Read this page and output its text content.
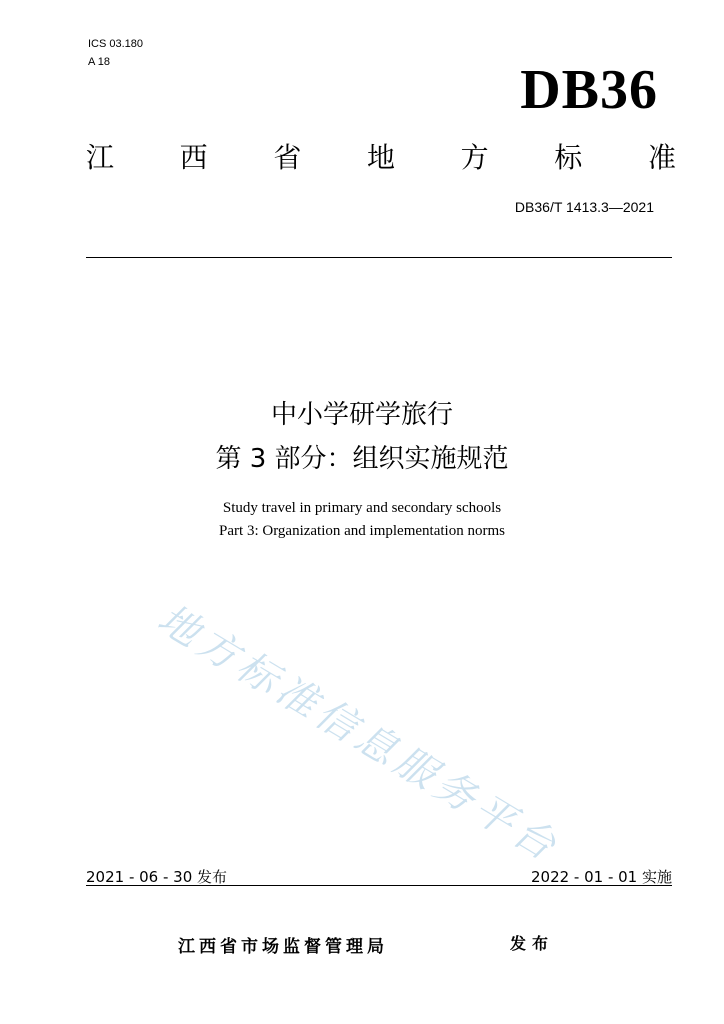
ICS 03.180
A 18	DB36
江 西 省 地 方 标 准
DB36/T 1413.3—2021
中小学研学旅行
第 3 部分：组织实施规范
Study travel in primary and secondary schools
Part 3: Organization and implementation norms
地方标准信息服务平台
2021 - 06 - 30 发布	2022 - 01 - 01 实施
江西省市场监督管理局	发布
